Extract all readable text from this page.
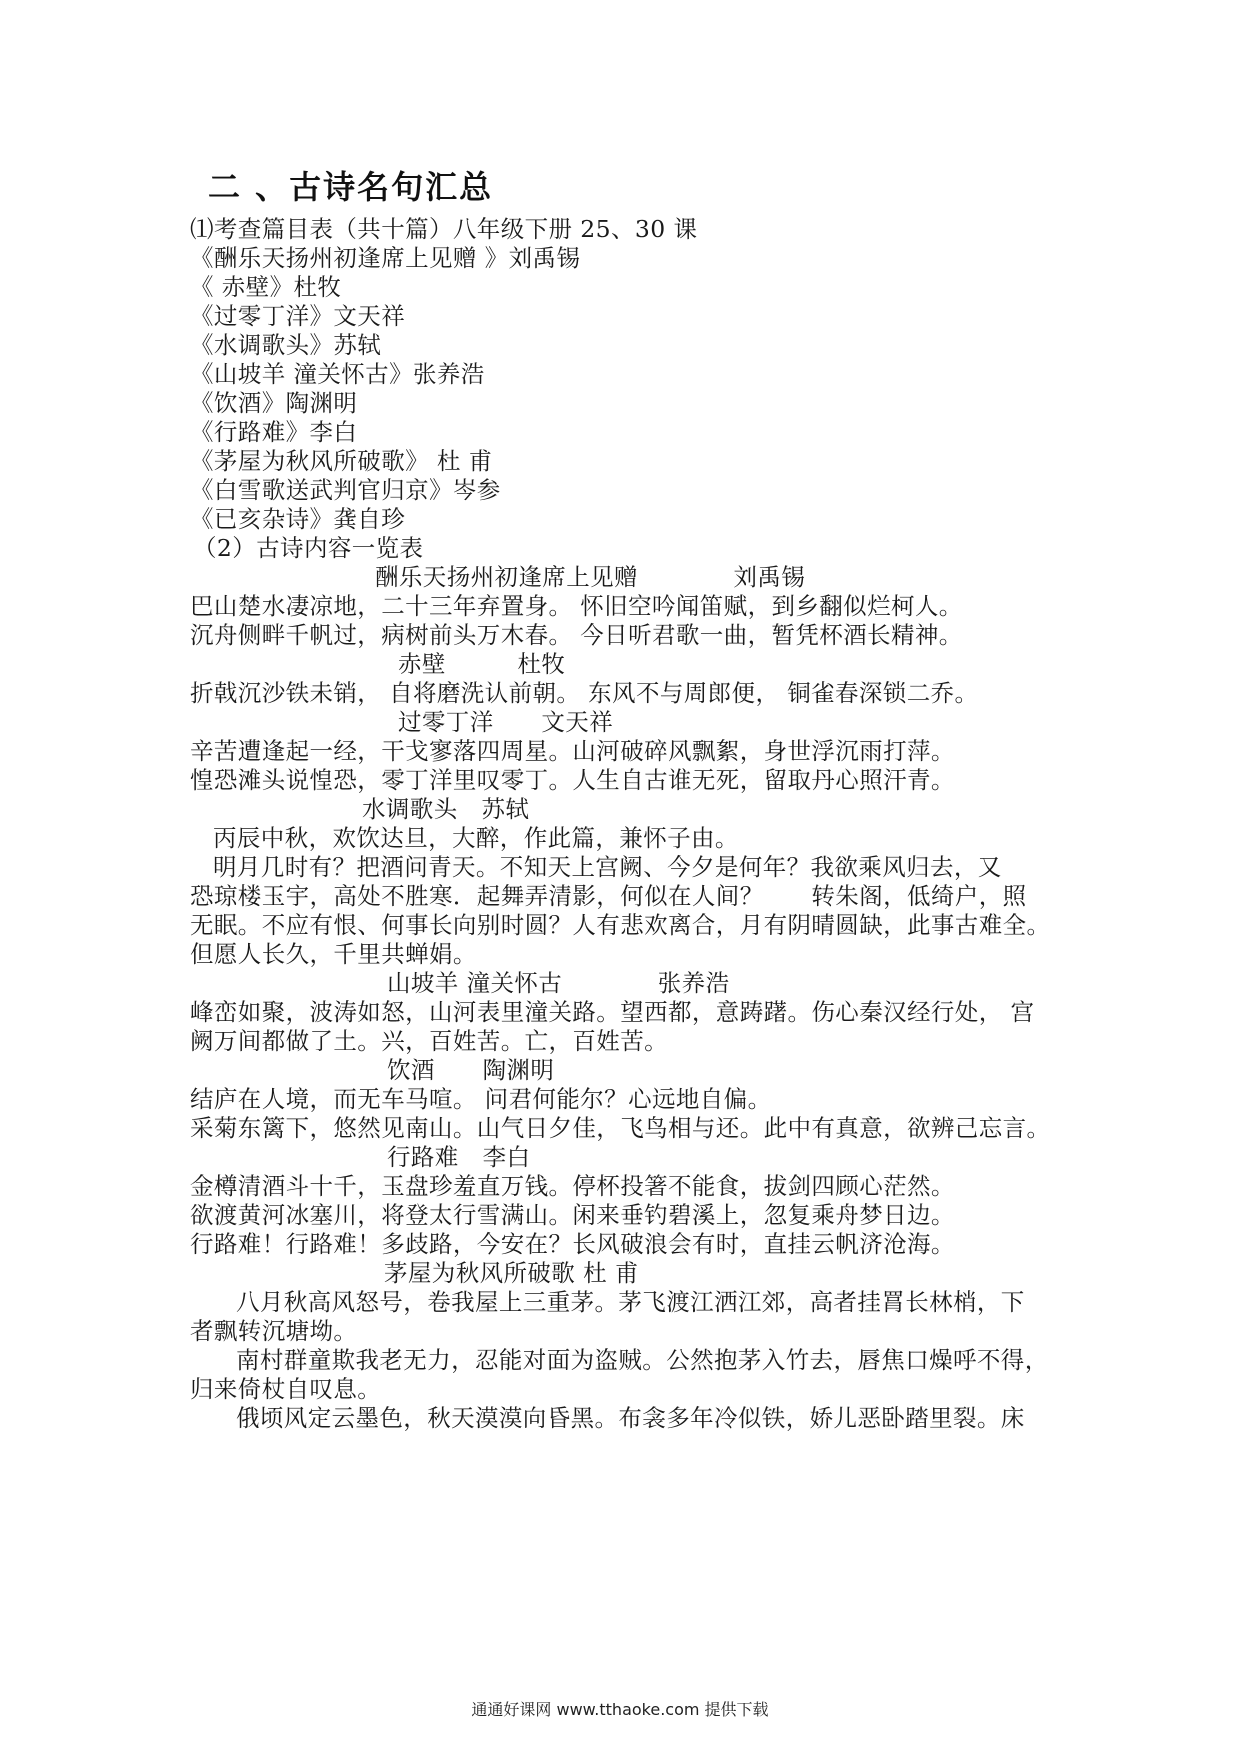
二 、古诗名句汇总
⑴考查篇目表（共十篇）八年级下册 25、30 课
《酬乐天扬州初逢席上见赠 》刘禹锡
《 赤壁》杜牧
《过零丁洋》文天祥
《水调歌头》苏轼
《山坡羊 潼关怀古》张养浩
《饮酒》陶渊明
《行路难》李白
《茅屋为秋风所破歌》 杜 甫
《白雪歌送武判官归京》岑参
《已亥杂诗》龚自珍
（2）古诗内容一览表
酬乐天扬州初逢席上见赠　　　　刘禹锡
巴山楚水凄凉地，二十三年弃置身。 怀旧空吟闻笛赋，到乡翻似烂柯人。
沉舟侧畔千帆过，病树前头万木春。 今日听君歌一曲，暂凭杯酒长精神。
赤壁　　　杜牧
折戟沉沙铁未销， 自将磨洗认前朝。 东风不与周郎便， 铜雀春深锁二乔。
过零丁洋　　文天祥
辛苦遭逢起一经，干戈寥落四周星。山河破碎风飘絮，身世浮沉雨打萍。
惶恐滩头说惶恐，零丁洋里叹零丁。人生自古谁无死，留取丹心照汗青。
水调歌头　苏轼
丙辰中秋，欢饮达旦，大醉，作此篇，兼怀子由。
明月几时有？把酒问青天。不知天上宫阙、今夕是何年？我欲乘风归去，又
恐琼楼玉宇，高处不胜寒．起舞弄清影，何似在人间？　　转朱阁，低绮户，照
无眠。不应有恨、何事长向别时圆？人有悲欢离合，月有阴晴圆缺，此事古难全。
但愿人长久，千里共蝉娟。
山坡羊 潼关怀古　　　　张养浩
峰峦如聚，波涛如怒，山河表里潼关路。望西都，意踌躇。伤心秦汉经行处， 宫
阙万间都做了土。兴，百姓苦。亡，百姓苦。
饮酒　　陶渊明
结庐在人境，而无车马喧。 问君何能尔？心远地自偏。
采菊东篱下，悠然见南山。山气日夕佳，飞鸟相与还。此中有真意，欲辨己忘言。
行路难　李白
金樽清酒斗十千，玉盘珍羞直万钱。停杯投箸不能食，拔剑四顾心茫然。
欲渡黄河冰塞川，将登太行雪满山。闲来垂钓碧溪上，忽复乘舟梦日边。
行路难！行路难！多歧路，今安在？长风破浪会有时，直挂云帆济沧海。
茅屋为秋风所破歌 杜 甫
八月秋高风怒号，卷我屋上三重茅。茅飞渡江洒江郊，高者挂罥长林梢，下
者飘转沉塘坳。
南村群童欺我老无力，忍能对面为盗贼。公然抱茅入竹去，唇焦口燥呼不得，
归来倚杖自叹息。
俄顷风定云墨色，秋天漠漠向昏黑。布衾多年冷似铁，娇儿恶卧踏里裂。床
通通好课网 www.tthaoke.com 提供下载
